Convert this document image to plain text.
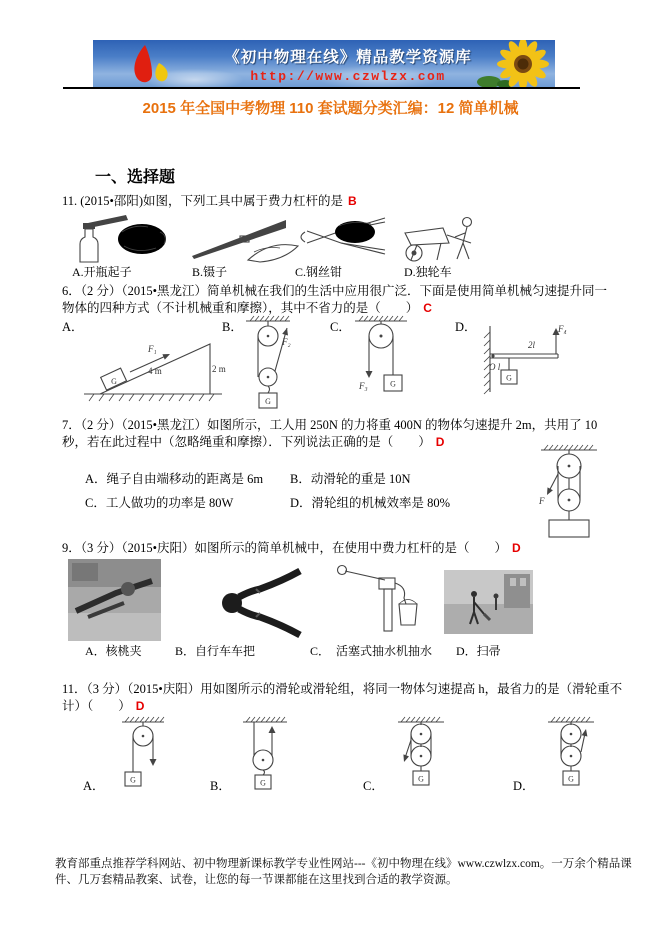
《初中物理在线》精品教学资源库
http://www.czwlzx.com
2015 年全国中考物理 110 套试题分类汇编：12 简单机械
一、选择题
11. (2015•邵阳)如图，下列工具中属于费力杠杆的是 B
A.开瓶起子	B.镊子	C.钢丝钳	D.独轮车
6．（2 分）（2015•黑龙江）简单机械在我们的生活中应用很广泛．下面是使用简单机械匀速提升同一物体的四种方式（不计机械重和摩擦），其中不省力的是（　　） C
A．	B．	C．	D．
G
F₁
4 m	2 m
F₂
G
F₃	G
G
O l
2l
F₄
7．（2 分）（2015•黑龙江）如图所示，工人用 250N 的力将重 400N 的物体匀速提升 2m，共用了 10 秒，若在此过程中（忽略绳重和摩擦）．下列说法正确的是（　　） D
A．绳子自由端移动的距离是 6m B．动滑轮的重是 10N
C．工人做功的功率是 80W	D．滑轮组的机械效率是 80%	F
9．（3 分）（2015•庆阳）如图所示的简单机械中，在使用中费力杠杆的是（　　） D
A．核桃夹	B．自行车车把	C．　活塞式抽水机抽水 D．扫帚
11．（3 分）（2015•庆阳）用如图所示的滑轮或滑轮组，将同一物体匀速提高 h，最省力的是（滑轮重不计）（　　） D
G	G	G	G
A．	B．	C．	D．
教育部重点推荐学科网站、初中物理新课标教学专业性网站---《初中物理在线》www.czwlzx.com。一万余个精品课件、几万套精品教案、试卷，让您的每一节课都能在这里找到合适的教学资源。
